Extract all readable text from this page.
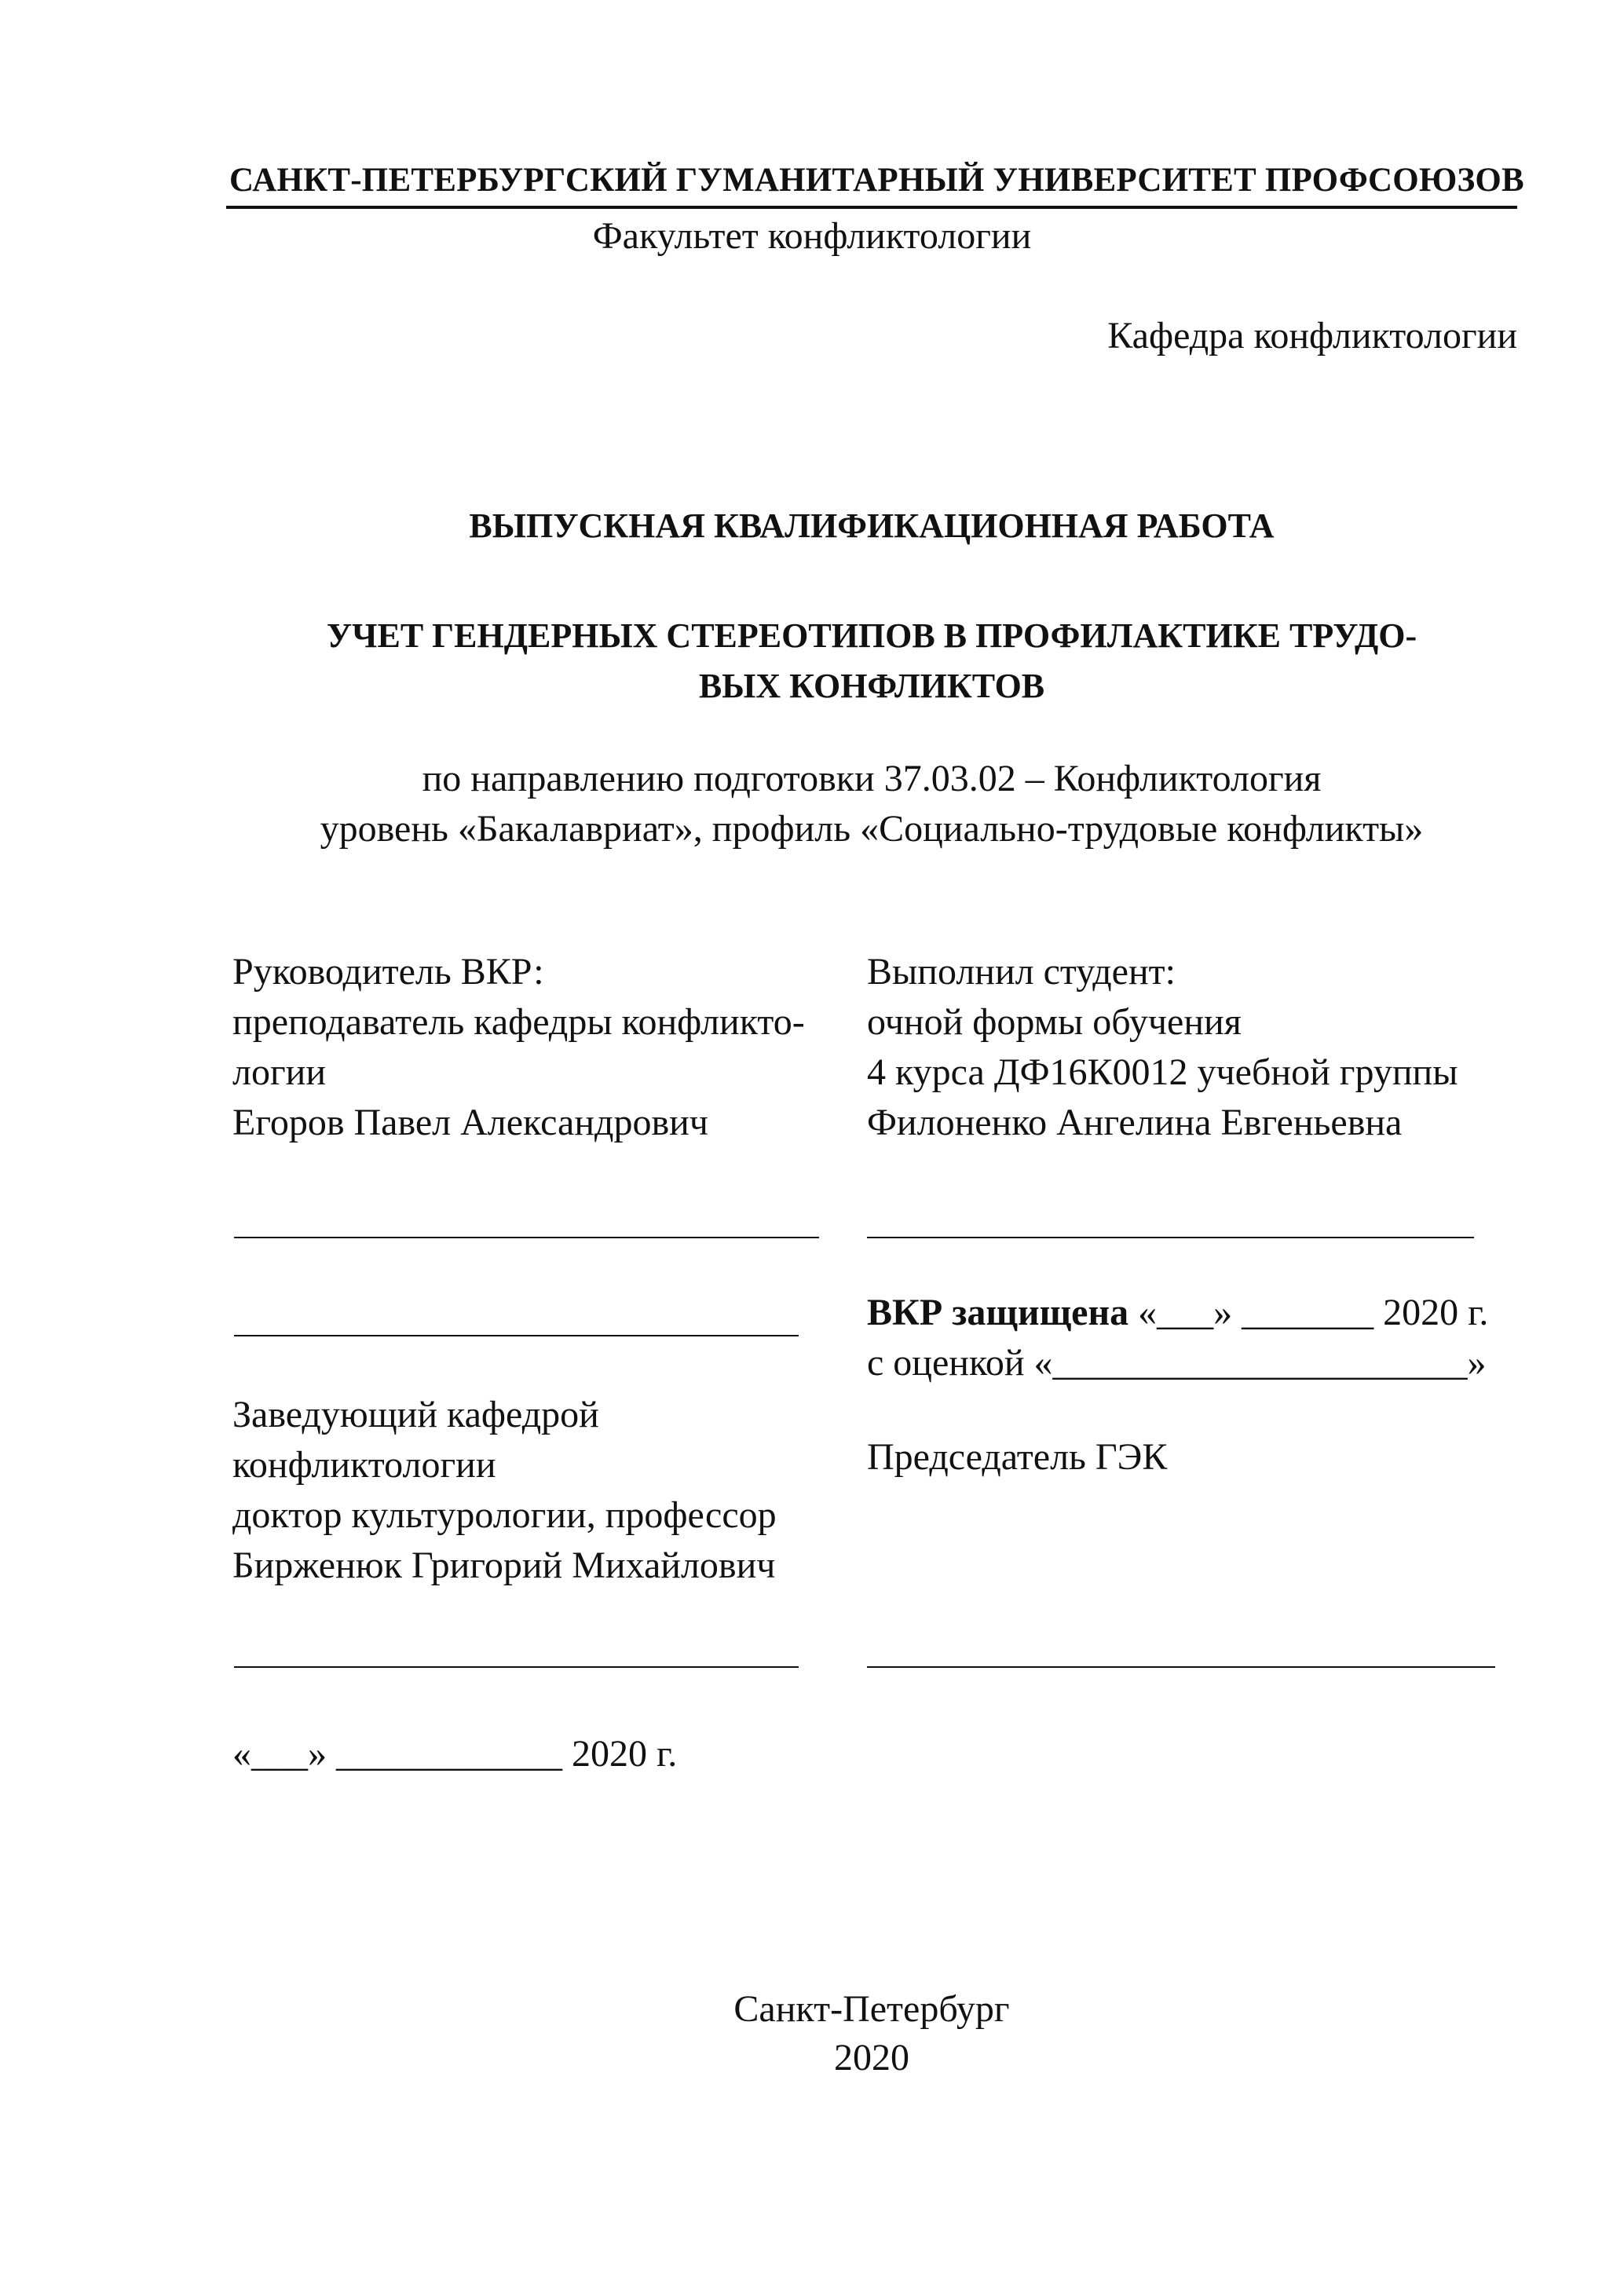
САНКТ-ПЕТЕРБУРГСКИЙ ГУМАНИТАРНЫЙ УНИВЕРСИТЕТ ПРОФСОЮЗОВ
Факультет конфликтологии
Кафедра конфликтологии
ВЫПУСКНАЯ КВАЛИФИКАЦИОННАЯ РАБОТА
УЧЕТ ГЕНДЕРНЫХ СТЕРЕОТИПОВ В ПРОФИЛАКТИКЕ ТРУДО-
ВЫХ КОНФЛИКТОВ
по направлению подготовки 37.03.02 – Конфликтология
уровень «Бакалавриат», профиль «Социально-трудовые конфликты»
Руководитель ВКР:
преподаватель кафедры конфликто-
логии
Егоров Павел Александрович
Выполнил студент:
очной формы обучения
4 курса ДФ16К0012 учебной группы
Филоненко Ангелина Евгеньевна
ВКР защищена «___» _______ 2020 г.
с оценкой «______________________»
Заведующий кафедрой
конфликтологии
доктор культурологии, профессор
Бирженюк Григорий Михайлович
Председатель ГЭК
«___» ____________ 2020 г.
Санкт-Петербург
2020
